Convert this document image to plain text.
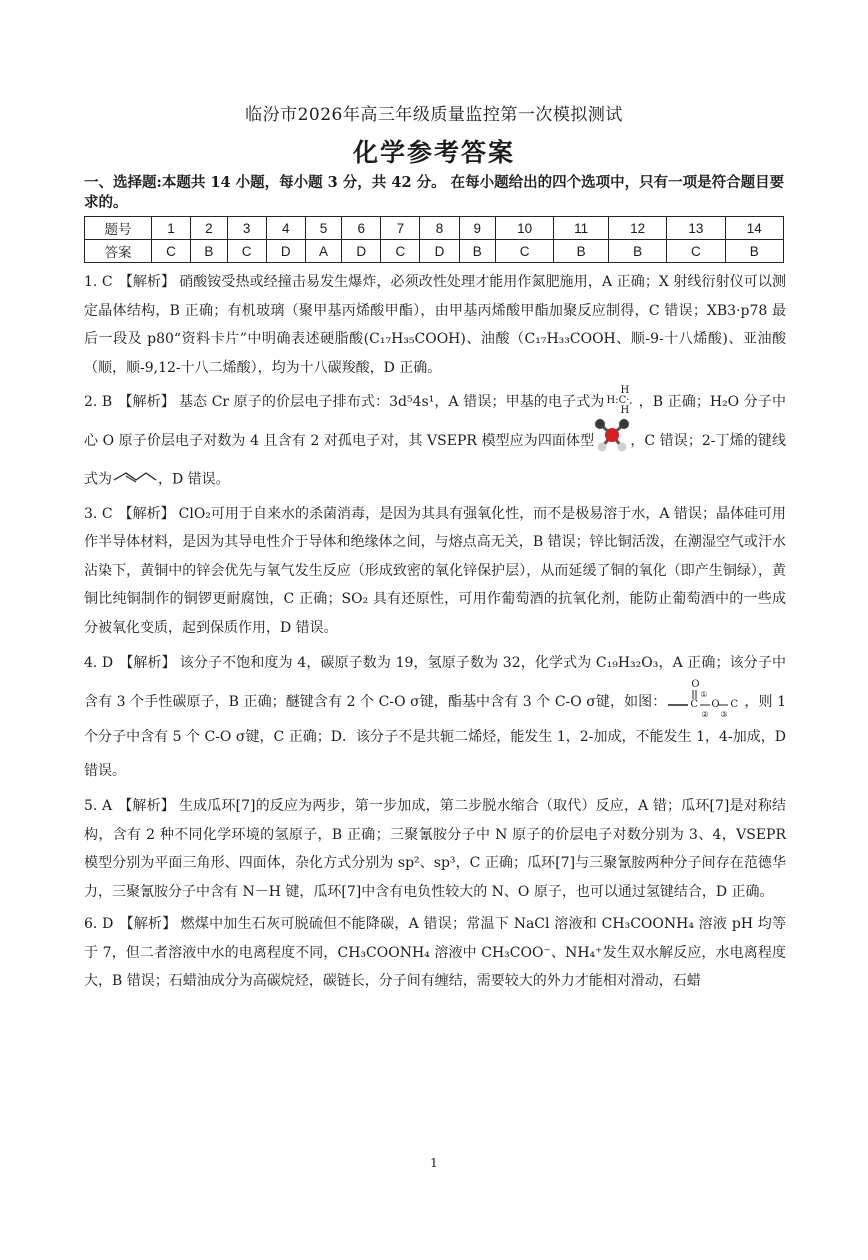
临汾市2026年高三年级质量监控第一次模拟测试
化学参考答案
一、选择题:本题共 14 小题，每小题 3 分，共 42 分。 在每小题给出的四个选项中，只有一项是符合题目要求的。
题号	1	2	3	4	5	6	7	8	9	10	11	12	13	14
答案	C	B	C	D	A	D	C	D	B	C	B	B	C	B

1. C 【解析】 硝酸铵受热或经撞击易发生爆炸，必须改性处理才能用作氮肥施用，A 正确；X 射线衍射仪可以测定晶体结构，B 正确；有机玻璃（聚甲基丙烯酸甲酯），由甲基丙烯酸甲酯加聚反应制得，C 错误；XB3·p78 最后一段及 p80“资料卡片”中明确表述硬脂酸(C₁₇H₃₅COOH)、油酸（C₁₇H₃₃COOH、顺-9-十八烯酸)、亚油酸（顺，顺-9,12-十八二烯酸），均为十八碳羧酸，D 正确。

2. B 【解析】 基态 Cr 原子的价层电子排布式：3d⁵4s¹，A 错误；甲基的电子式为
H
H:C·,
H
，B 正确；H₂O 分子中心 O 原子价层电子对数为 4 且含有 2 对孤电子对，其 VSEPR 模型应为四面体型	，C 错误；2-丁烯的键线式为	，D 错误。

3. C 【解析】 ClO₂可用于自来水的杀菌消毒，是因为其具有强氧化性，而不是极易溶于水，A 错误；晶体硅可用作半导体材料，是因为其导电性介于导体和绝缘体之间，与熔点高无关，B 错误；锌比铜活泼，在潮湿空气或汗水沾染下，黄铜中的锌会优先与氧气发生反应（形成致密的氧化锌保护层），从而延缓了铜的氧化（即产生铜绿），黄铜比纯铜制作的铜锣更耐腐蚀，C 正确；SO₂ 具有还原性，可用作葡萄酒的抗氧化剂，能防止葡萄酒中的一些成分被氧化变质，起到保质作用，D 错误。

4. D 【解析】 该分子不饱和度为 4，碳原子数为 19，氢原子数为 32，化学式为 C₁₉H₃₂O₃，A 正确；该分子中含有 3 个手性碳原子，B 正确；醚键含有 2 个 C-O σ键，酯基中含有 3 个 C-O σ键，如图：
O
①
C O C
② ③
，则 1 个分子中含有 5 个 C-O σ键，C 正确；D．该分子不是共轭二烯烃，能发生 1，2-加成，不能发生 1，4-加成，D 错误。

5. A 【解析】 生成瓜环[7]的反应为两步，第一步加成，第二步脱水缩合（取代）反应，A 错；瓜环[7]是对称结构，含有 2 种不同化学环境的氢原子，B 正确；三聚氰胺分子中 N 原子的价层电子对数分别为 3、4，VSEPR 模型分别为平面三角形、四面体，杂化方式分别为 sp²、sp³，C 正确；瓜环[7]与三聚氰胺两种分子间存在范德华力，三聚氰胺分子中含有 N－H 键，瓜环[7]中含有电负性较大的 N、O 原子，也可以通过氢键结合，D 正确。

6. D 【解析】 燃煤中加生石灰可脱硫但不能降碳，A 错误；常温下 NaCl 溶液和 CH₃COONH₄ 溶液 pH 均等于 7，但二者溶液中水的电离程度不同，CH₃COONH₄ 溶液中 CH₃COO⁻、NH₄⁺发生双水解反应，水电离程度大，B 错误；石蜡油成分为高碳烷烃，碳链长，分子间有缠结，需要较大的外力才能相对滑动，石蜡

1
